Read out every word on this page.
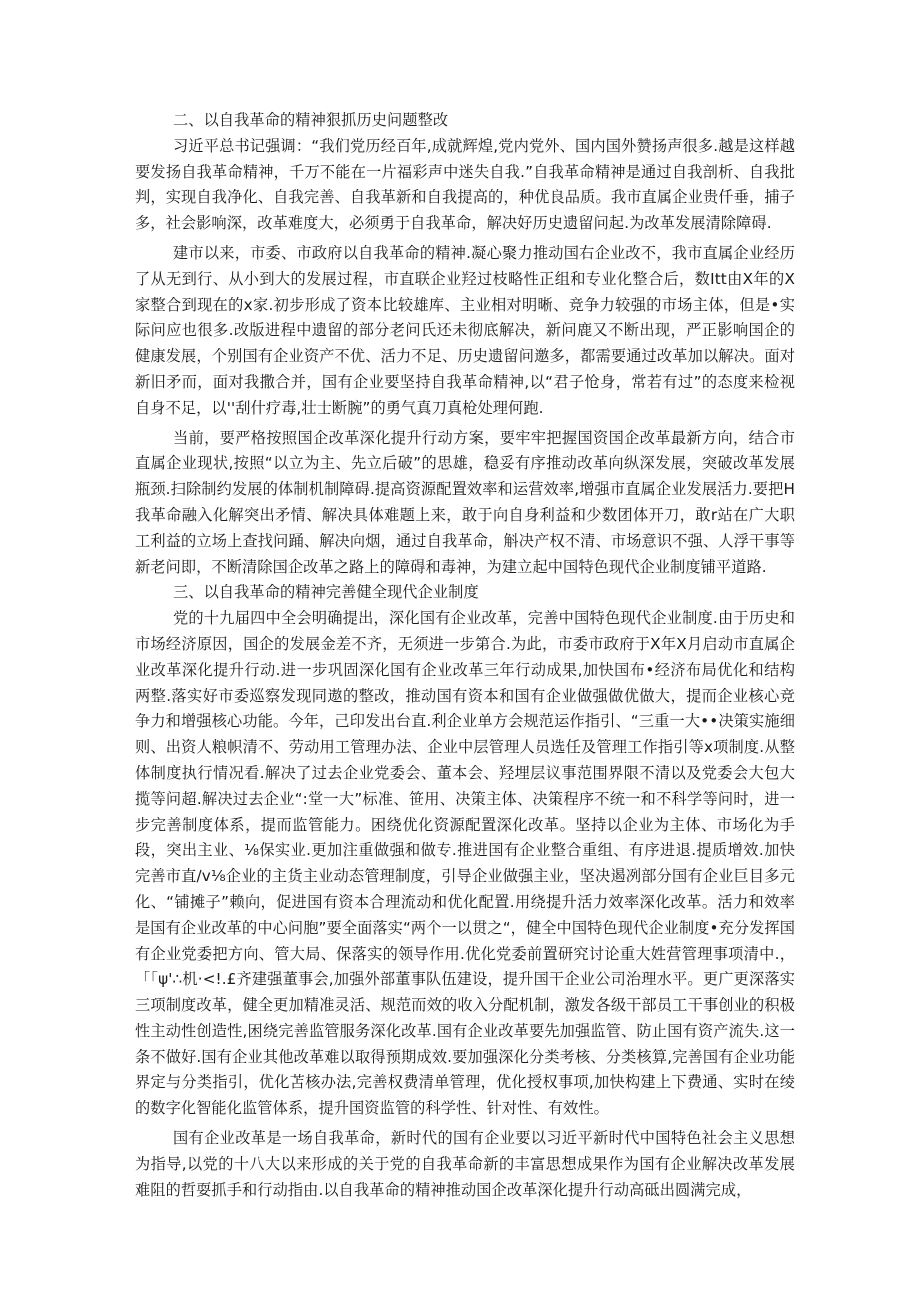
二、以自我革命的精神狠抓历史问题整改

习近平总书记强调：“我们党历经百年,成就辉煌,党内党外、国内国外赞扬声很多.越是这样越要发扬自我革命精神，千万不能在一片福彩声中迷失自我.”自我革命精神是通过自我剖析、自我批判，实现自我净化、自我完善、自我革新和自我提高的，种优良品质。我市直属企业贵仟垂，捕子多，社会影响深，改革难度大，必须勇于自我革命，解决好历史遗留问起.为改革发展清除障碍.

建市以来，市委、市政府以自我革命的精神.凝心聚力推动国右企业改不，我市直属企业经历了从无到行、从小到大的发展过程，市直联企业羟过枝略性正组和专业化整合后，数Itt由X年的X家整合到现在的x家.初步形成了资本比较雄库、主业相对明晰、竞争力较强的市场主体，但是•实际问应也很多.改版进程中遗留的部分老问氏还未彻底解决，新问鹿又不断出现，严正影响国企的健康发展，个别国有企业资产不优、活力不足、历史遗留问邀多，都需要通过改革加以解决。面对新旧矛而，面对我撒合并，国有企业要坚持自我革命精神,以“君子怆身，常若有过”的态度来检视自身不足，以''刮什疗毒,壮士断腕”的勇气真刀真枪处理何跑.

当前，要严格按照国企改革深化提升行动方案，要牢牢把握国资国企改革最新方向，结合市直属企业现状,按照“以立为主、先立后破”的思雄，稳妥有序推动改革向纵深发展，突破改革发展瓶颈.扫除制约发展的体制机制障碍.提高资源配置效率和运营效率,增强市直属企业发展活力.要把H我革命融入化解突出矛情、解决具体难题上来，敢于向自身利益和少数团体开刀，敢r站在广大职工利益的立场上查找问踊、解决向烟，通过自我革命，斛决产权不清、市场意识不强、人浮干事等新老问即，不断清除国企改革之路上的障碍和毒神，为建立起中国特色现代企业制度铺平道路.

三、以自我革命的精神完善健全现代企业制度

党的十九届四中全会明确提出，深化国有企业改革，完善中国特色现代企业制度.由于历史和市场经济原因，国企的发展金差不齐，无须进一步第合.为此，市委市政府于X年X月启动市直属企业改革深化提升行动.进一步巩固深化国有企业改革三年行动成果,加快国布•经济布局优化和结构两整.落实好市委巡察发现同遨的整改，推动国有资本和国有企业做强做优做大，提而企业核心竞争力和增强核心功能。今年，己印发出台直.利企业单方会规范运作指引、“三重一大••决策实施细则、出资人粮帜清不、劳动用工管理办法、企业中层管理人员选任及管理工作指引等x项制度.从整体制度执行情况看.解决了过去企业党委会、董本会、羟埋层议事范围界限不清以及党委会大包大揽等问超.解决过去企业“:堂一大”标准、笹用、决策主体、决策程序不统一和不科学等问时，进一步完善制度体系，提而监管能力。困绕优化资源配置深化改革。坚持以企业为主体、市场化为手段，突出主业、⅛保实业.更加注重做强和做专.推进国有企业整合重组、有序进退.提质增效.加快完善市直∕v⅛企业的主货主业动态管理制度，引导企业做强主业，坚决遏冽部分国有企业巨目多元化、“铺摊子”赖向，促进国有资本合理流动和优化配置.用绕提升活力效率深化改革。活力和效率是国有企业改革的中心问胞”要全面落实“两个一以贯之“，健全中国特色现代企业制度•充分发挥国有企业党委把方向、管大局、保落实的领导作用.优化党委前置研究讨论重大姓营管理事项清中.，「「ψ'∴机·<!.£齐建强董事会,加强外部董事队伍建设，提升国干企业公司治理水平。更广更深落实三项制度改革，健全更加精准灵活、规范而效的收入分配机制，激发各级干部员工干事创业的积极性主动性创造性,困绕完善监管服务深化改革.国有企业改革要先加强监管、防止国有资产流失.这一条不做好.国有企业其他改革难以取得预期成效.要加强深化分类考核、分类核算,完善国有企业功能界定与分类指引，优化苫核办法,完善权费清单管理，优化授权事项,加快构建上下费通、实时在绫的数字化智能化监管体系，提升国资监管的科学性、针对性、有效性。

国有企业改革是一场自我革命，新时代的国有企业要以习近平新时代中国特色社会主义思想为指导,以党的十八大以来形成的关于党的自我革命新的丰富思想成果作为国有企业解决改革发展难阻的哲耍抓手和行动指由.以自我革命的精神推动国企改革深化提升行动高砥出圆满完成，
